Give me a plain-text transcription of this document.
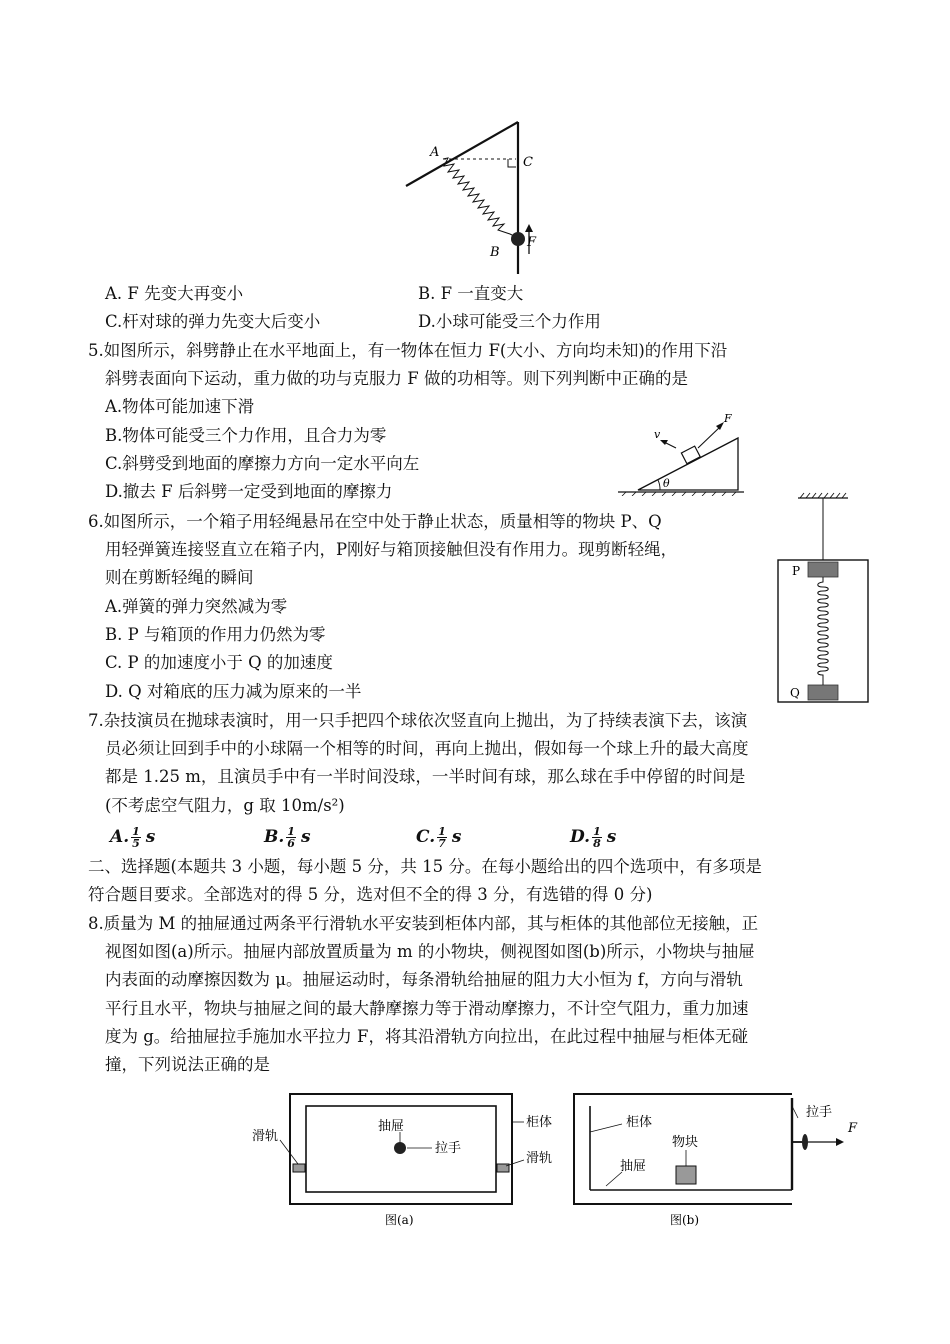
A
C
B
F
A. F 先变大再变小	B. F 一直变大
C.杆对球的弹力先变大后变小	D.小球可能受三个力作用
5.如图所示，斜劈静止在水平地面上，有一物体在恒力 F(大小、方向均未知)的作用下沿
斜劈表面向下运动，重力做的功与克服力 F 做的功相等。则下列判断中正确的是
A.物体可能加速下滑
B.物体可能受三个力作用，且合力为零
C.斜劈受到地面的摩擦力方向一定水平向左
D.撤去 F 后斜劈一定受到地面的摩擦力	θ
v
F
6.如图所示，一个箱子用轻绳悬吊在空中处于静止状态，质量相等的物块 P、Q
用轻弹簧连接竖直立在箱子内，P刚好与箱顶接触但没有作用力。现剪断轻绳，
则在剪断轻绳的瞬间
A.弹簧的弹力突然减为零
B. P 与箱顶的作用力仍然为零
C. P 的加速度小于 Q 的加速度
D. Q 对箱底的压力减为原来的一半
P
Q
7.杂技演员在抛球表演时，用一只手把四个球依次竖直向上抛出，为了持续表演下去，该演
员必须让回到手中的小球隔一个相等的时间，再向上抛出，假如每一个球上升的最大高度
都是 1.25 m，且演员手中有一半时间没球，一半时间有球，那么球在手中停留的时间是
(不考虑空气阻力，g 取 10m/s²)
A. $\frac{1}{5}$ s	B. $\frac{1}{6}$ s	C. $\frac{1}{7}$ s	D. $\frac{1}{8}$ s
二、选择题(本题共 3 小题，每小题 5 分，共 15 分。在每小题给出的四个选项中，有多项是
符合题目要求。全部选对的得 5 分，选对但不全的得 3 分，有选错的得 0 分)
8.质量为 M 的抽屉通过两条平行滑轨水平安装到柜体内部，其与柜体的其他部位无接触，正
视图如图(a)所示。抽屉内部放置质量为 m 的小物块，侧视图如图(b)所示，小物块与抽屉
内表面的动摩擦因数为 μ。抽屉运动时，每条滑轨给抽屉的阻力大小恒为 f，方向与滑轨
平行且水平，物块与抽屉之间的最大静摩擦力等于滑动摩擦力，不计空气阻力，重力加速
度为 g。给抽屉拉手施加水平拉力 F，将其沿滑轨方向拉出，在此过程中抽屉与柜体无碰
撞，下列说法正确的是
滑轨
抽屉
拉手
柜体
滑轨
图(a)
柜体
物块
抽屉
拉手
F
图(b)
